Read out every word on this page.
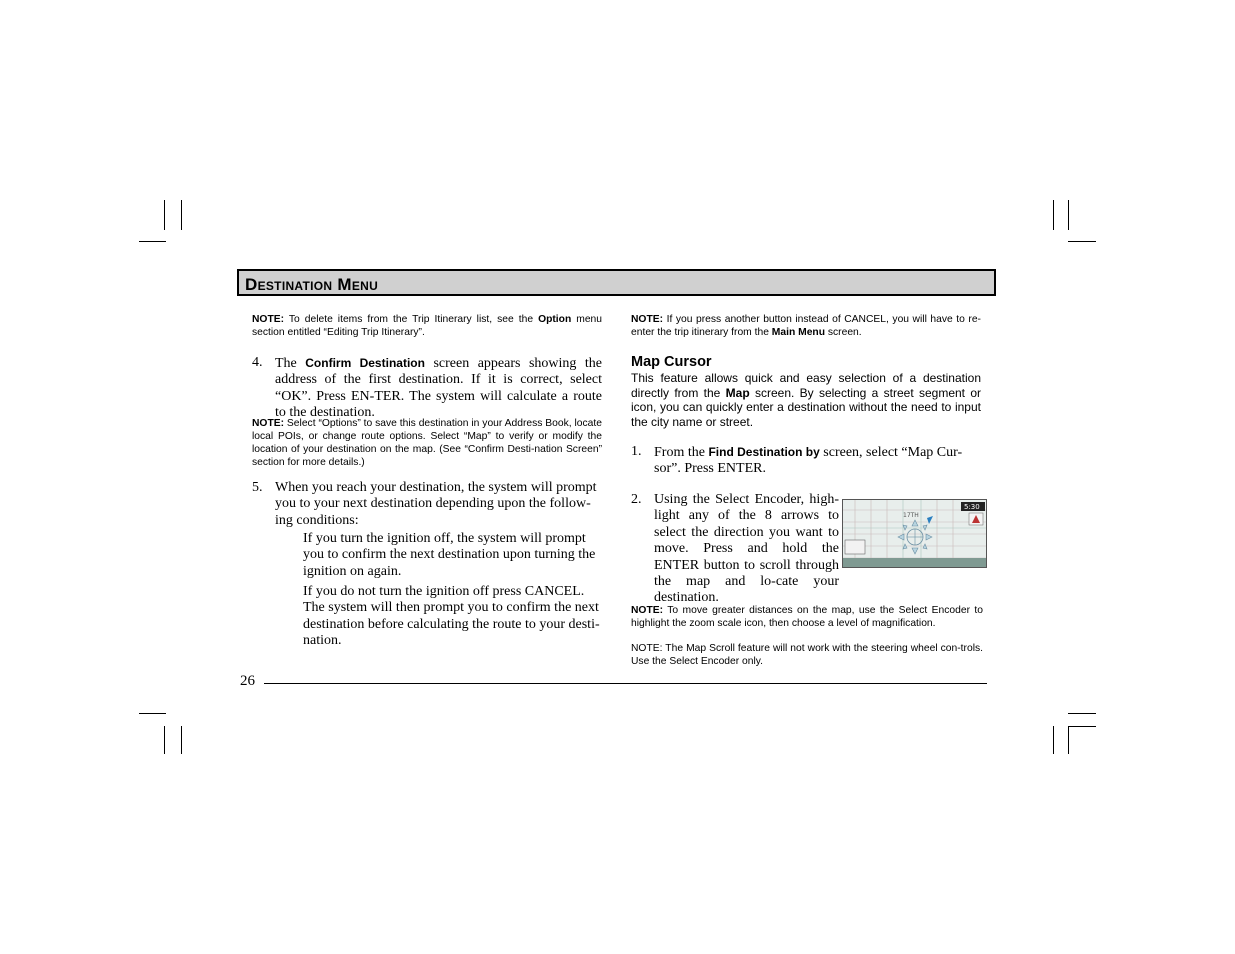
DESTINATION MENU
NOTE: To delete items from the Trip Itinerary list, see the Option menu section entitled “Editing Trip Itinerary”.
4. The Confirm Destination screen appears showing the address of the first destination. If it is correct, select “OK”. Press EN-TER. The system will calculate a route to the destination.
NOTE: Select “Options” to save this destination in your Address Book, locate local POIs, or change route options. Select “Map” to verify or modify the location of your destination on the map. (See “Confirm Desti-nation Screen” section for more details.)
5. When you reach your destination, the system will prompt you to your next destination depending upon the follow-ing conditions:
If you turn the ignition off, the system will prompt you to confirm the next destination upon turning the ignition on again.
If you do not turn the ignition off press CANCEL. The system will then prompt you to confirm the next destination before calculating the route to your desti-nation.
NOTE: If you press another button instead of CANCEL, you will have to re-enter the trip itinerary from the Main Menu screen.
Map Cursor
This feature allows quick and easy selection of a destination directly from the Map screen. By selecting a street segment or icon, you can quickly enter a destination without the need to input the city name or street.
1. From the Find Destination by screen, select “Map Cur-sor”. Press ENTER.
2. Using the Select Encoder, high-light any of the 8 arrows to select the direction you want to move. Press and hold the ENTER button to scroll through the map and lo-cate your destination.
5:30
17TH
NOTE: To move greater distances on the map, use the Select Encoder to highlight the zoom scale icon, then choose a level of magnification.
NOTE: The Map Scroll feature will not work with the steering wheel con-trols. Use the Select Encoder only.
26
